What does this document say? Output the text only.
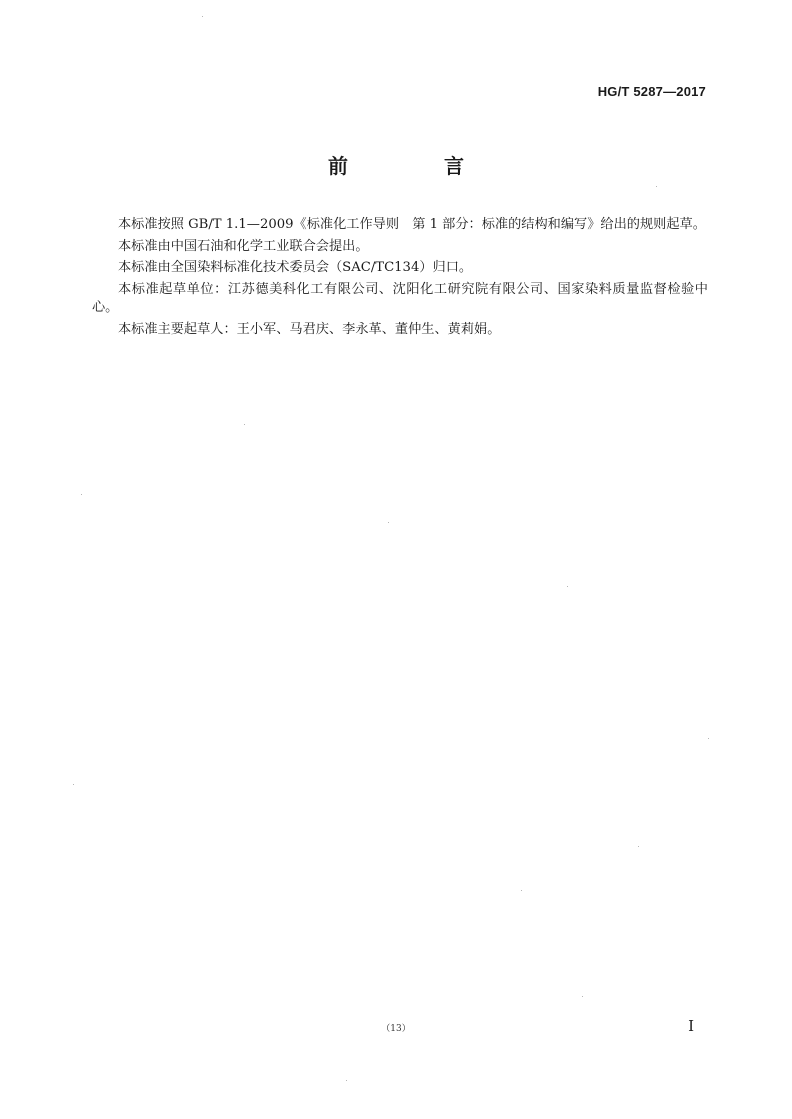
HG/T 5287—2017
前　言

本标准按照 GB/T 1.1—2009《标准化工作导则　第 1 部分：标准的结构和编写》给出的规则起草。

本标准由中国石油和化学工业联合会提出。

本标准由全国染料标准化技术委员会（SAC/TC134）归口。

本标准起草单位：江苏德美科化工有限公司、沈阳化工研究院有限公司、国家染料质量监督检验中心。

本标准主要起草人：王小军、马君庆、李永革、董仲生、黄莉娟。

（13）	I
